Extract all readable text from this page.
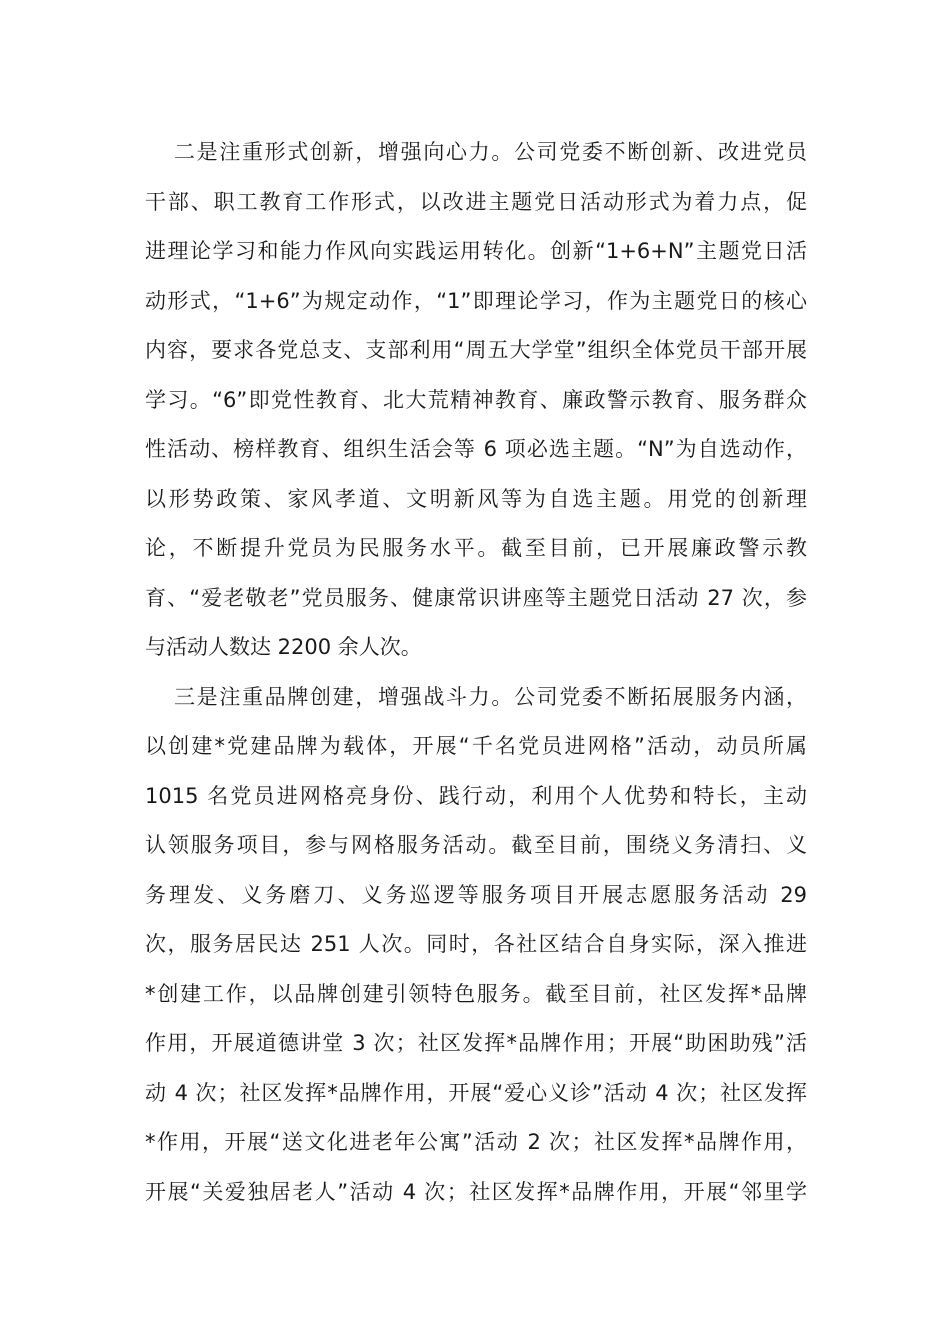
二是注重形式创新，增强向心力。公司党委不断创新、改进党员
干部、职工教育工作形式，以改进主题党日活动形式为着力点，促
进理论学习和能力作风向实践运用转化。创新“1+6+N”主题党日活
动形式，“1+6”为规定动作，“1”即理论学习，作为主题党日的核心
内容，要求各党总支、支部利用“周五大学堂”组织全体党员干部开展
学习。“6”即党性教育、北大荒精神教育、廉政警示教育、服务群众
性活动、榜样教育、组织生活会等 6 项必选主题。“N”为自选动作，
以形势政策、家风孝道、文明新风等为自选主题。用党的创新理
论，不断提升党员为民服务水平。截至目前，已开展廉政警示教
育、“爱老敬老”党员服务、健康常识讲座等主题党日活动 27 次，参
与活动人数达 2200 余人次。
三是注重品牌创建，增强战斗力。公司党委不断拓展服务内涵，
以创建*党建品牌为载体，开展“千名党员进网格”活动，动员所属
1015 名党员进网格亮身份、践行动，利用个人优势和特长，主动
认领服务项目，参与网格服务活动。截至目前，围绕义务清扫、义
务理发、义务磨刀、义务巡逻等服务项目开展志愿服务活动 29
次，服务居民达 251 人次。同时，各社区结合自身实际，深入推进
*创建工作，以品牌创建引领特色服务。截至目前，社区发挥*品牌
作用，开展道德讲堂 3 次；社区发挥*品牌作用；开展“助困助残”活
动 4 次；社区发挥*品牌作用，开展“爱心义诊”活动 4 次；社区发挥
*作用，开展“送文化进老年公寓”活动 2 次；社区发挥*品牌作用，
开展“关爱独居老人”活动 4 次；社区发挥*品牌作用，开展“邻里学
